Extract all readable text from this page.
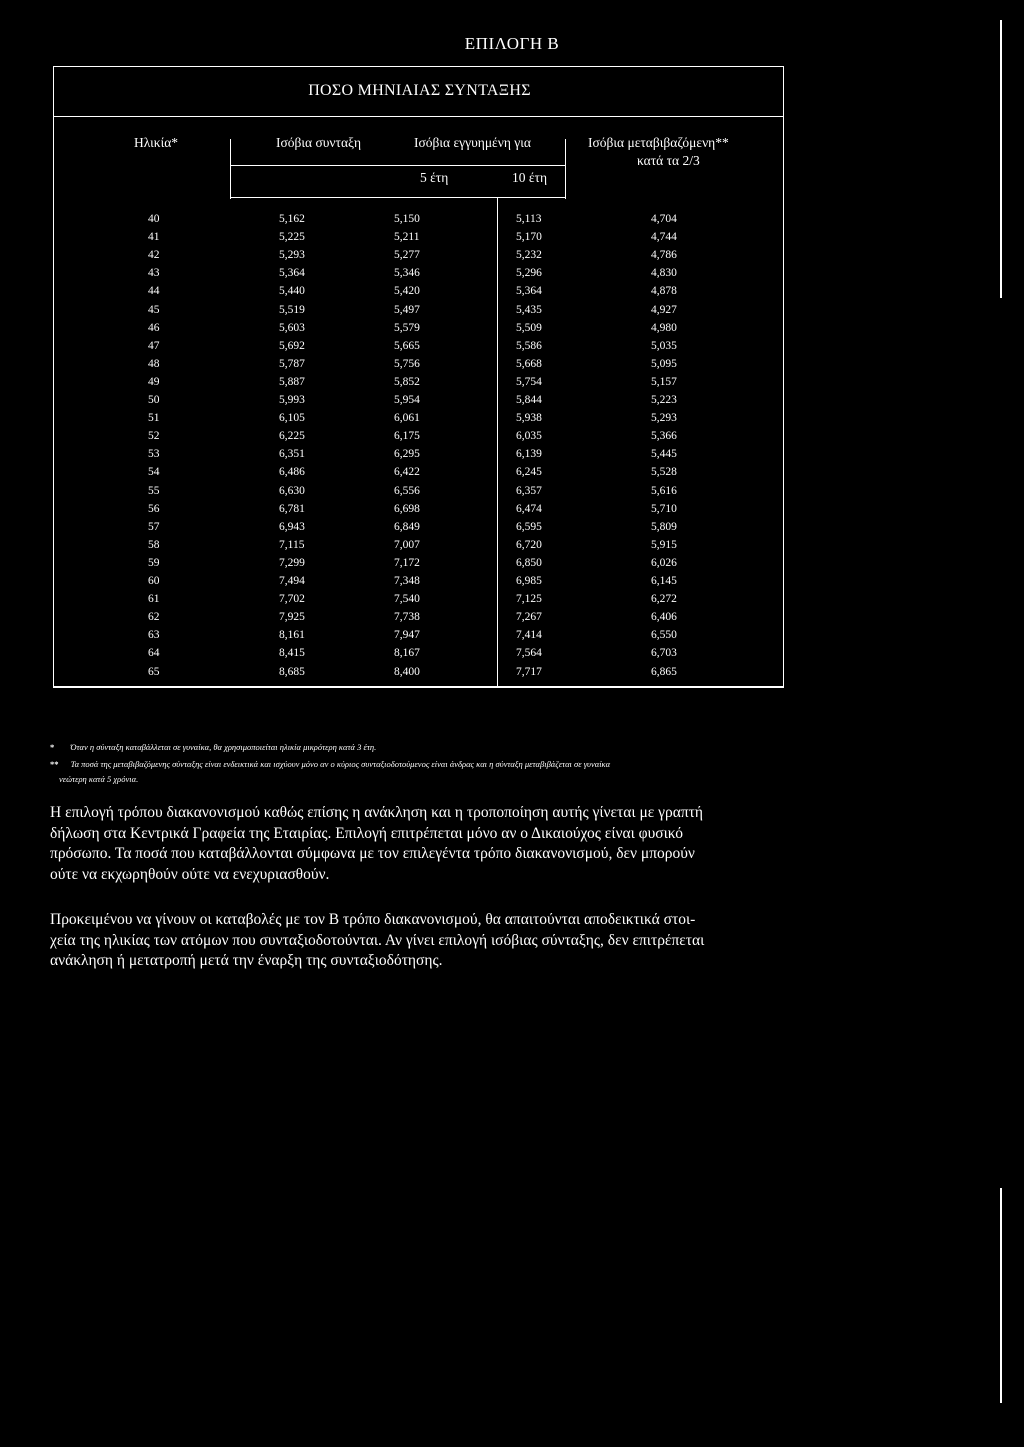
ΕΠΙΛΟΓΗ Β
ΠΟΣΟ ΜΗΝΙΑΙΑΣ ΣΥΝΤΑΞΗΣ
Ηλικία*	Ισόβια συνταξη	Ισόβια εγγυημένη για
5 έτη	10 έτη
Ισόβια μεταβιβαζόμενη**
κατά τα 2/3
40	5,162	5,150	5,113	4,704
41	5,225	5,211	5,170	4,744
42	5,293	5,277	5,232	4,786
43	5,364	5,346	5,296	4,830
44	5,440	5,420	5,364	4,878
45	5,519	5,497	5,435	4,927
46	5,603	5,579	5,509	4,980
47	5,692	5,665	5,586	5,035
48	5,787	5,756	5,668	5,095
49	5,887	5,852	5,754	5,157
50	5,993	5,954	5,844	5,223
51	6,105	6,061	5,938	5,293
52	6,225	6,175	6,035	5,366
53	6,351	6,295	6,139	5,445
54	6,486	6,422	6,245	5,528
55	6,630	6,556	6,357	5,616
56	6,781	6,698	6,474	5,710
57	6,943	6,849	6,595	5,809
58	7,115	7,007	6,720	5,915
59	7,299	7,172	6,850	6,026
60	7,494	7,348	6,985	6,145
61	7,702	7,540	7,125	6,272
62	7,925	7,738	7,267	6,406
63	8,161	7,947	7,414	6,550
64	8,415	8,167	7,564	6,703
65	8,685	8,400	7,717	6,865
* Όταν η σύνταξη καταβάλλεται σε γυναίκα, θα χρησιμοποιείται ηλικία μικρότερη κατά 3 έτη.
** Τα ποσά της μεταβιβαζόμενης σύνταξης είναι ενδεικτικά και ισχύουν μόνο αν ο κύριος συνταξιοδοτούμενος είναι άνδρας και η σύνταξη μεταβιβάζεται σε γυναίκα
νεώτερη κατά 5 χρόνια.

Η επιλογή τρόπου διακανονισμού καθώς επίσης η ανάκληση και η τροποποίηση αυτής γίνεται με γραπτή

δήλωση στα Κεντρικά Γραφεία της Εταιρίας. Επιλογή επιτρέπεται μόνο αν ο Δικαιούχος είναι φυσικό

πρόσωπο. Τα ποσά που καταβάλλονται σύμφωνα με τον επιλεγέντα τρόπο διακανονισμού, δεν μπορούν

ούτε να εκχωρηθούν ούτε να ενεχυριασθούν.

Προκειμένου να γίνουν οι καταβολές με τον Β τρόπο διακανονισμού, θα απαιτούνται αποδεικτικά στοι-

χεία της ηλικίας των ατόμων που συνταξιοδοτούνται. Αν γίνει επιλογή ισόβιας σύνταξης, δεν επιτρέπεται

ανάκληση ή μετατροπή μετά την έναρξη της συνταξιοδότησης.
